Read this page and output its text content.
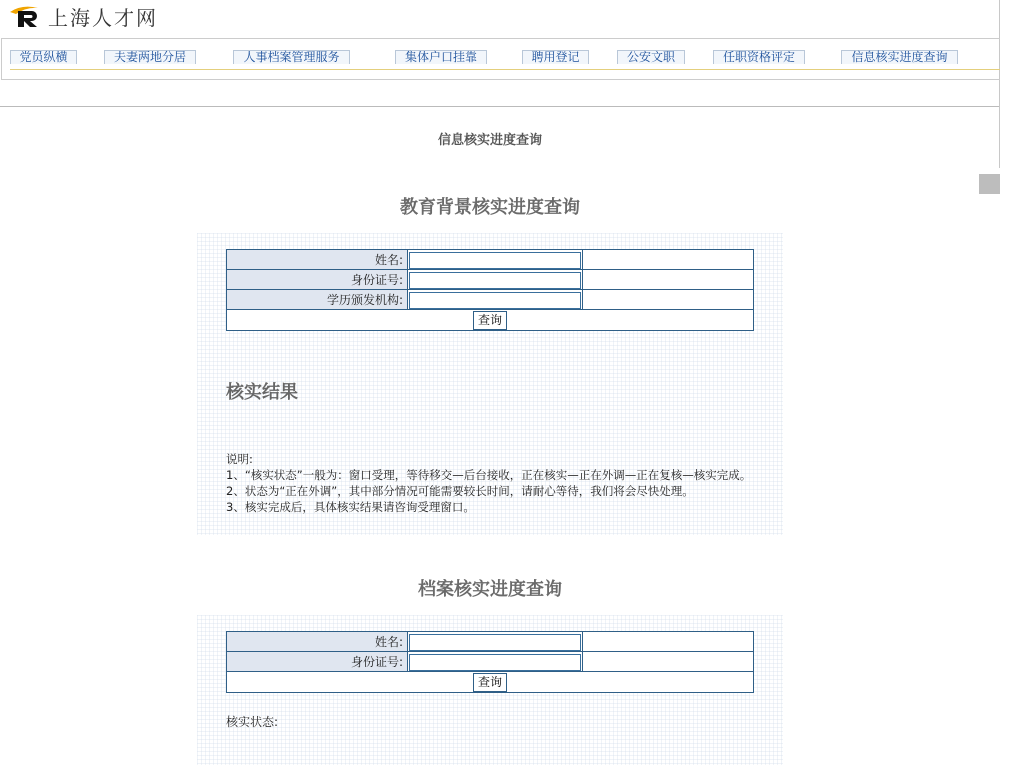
上海人才网
党员纵横	夫妻两地分居	人事档案管理服务	集体户口挂靠	聘用登记	公安文职	任职资格评定	信息核实进度查询
信息核实进度查询
教育背景核实进度查询
姓名:		
身份证号:		
学历颁发机构:		
查询		
核实结果

说明:

1、“核实状态”一般为：窗口受理，等待移交—后台接收，正在核实—正在外调—正在复核—核实完成。

2、状态为“正在外调”，其中部分情况可能需要较长时间，请耐心等待，我们将会尽快处理。

3、核实完成后，具体核实结果请咨询受理窗口。

档案核实进度查询
姓名:		
身份证号:		
查询		
核实状态:
